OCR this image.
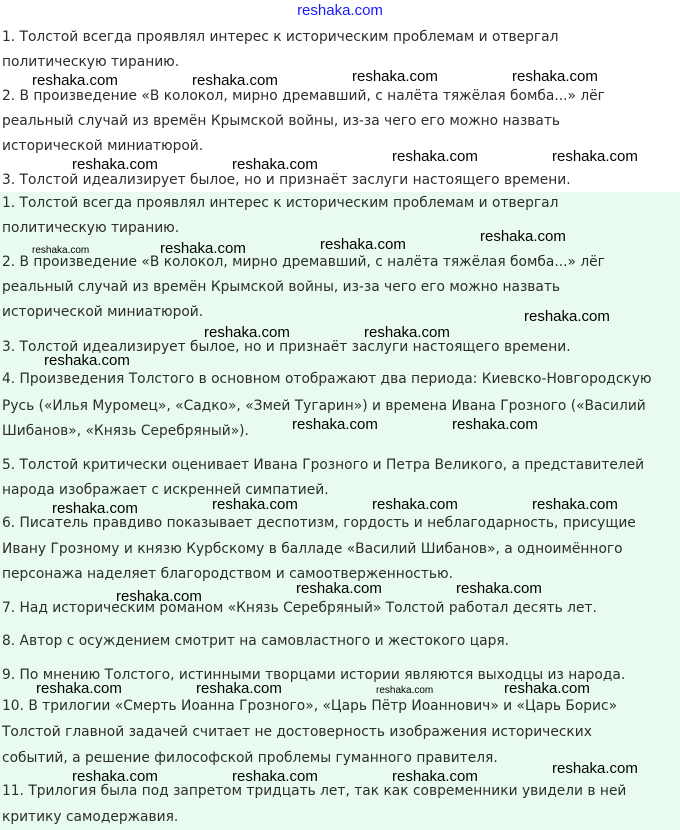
reshaka.com
1. Толстой всегда проявлял интерес к историческим проблемам и отвергал
политическую тиранию.
2. В произведение «В колокол, мирно дремавший, с налёта тяжёлая бомба...» лёг
реальный случай из времён Крымской войны, из-за чего его можно назвать
исторической миниатюрой.
3. Толстой идеализирует былое, но и признаёт заслуги настоящего времени.
1. Толстой всегда проявлял интерес к историческим проблемам и отвергал
политическую тиранию.
2. В произведение «В колокол, мирно дремавший, с налёта тяжёлая бомба...» лёг
реальный случай из времён Крымской войны, из-за чего его можно назвать
исторической миниатюрой.
3. Толстой идеализирует былое, но и признаёт заслуги настоящего времени.
4. Произведения Толстого в основном отображают два периода: Киевско-Новгородскую
Русь («Илья Муромец», «Садко», «Змей Тугарин») и времена Ивана Грозного («Василий
Шибанов», «Князь Серебряный»).
5. Толстой критически оценивает Ивана Грозного и Петра Великого, а представителей
народа изображает с искренней симпатией.
6. Писатель правдиво показывает деспотизм, гордость и неблагодарность, присущие
Ивану Грозному и князю Курбскому в балладе «Василий Шибанов», а одноимённого
персонажа наделяет благородством и самоотверженностью.
7. Над историческим романом «Князь Серебряный» Толстой работал десять лет.
8. Автор с осуждением смотрит на самовластного и жестокого царя.
9. По мнению Толстого, истинными творцами истории являются выходцы из народа.
10. В трилогии «Смерть Иоанна Грозного», «Царь Пётр Иоаннович» и «Царь Борис»
Толстой главной задачей считает не достоверность изображения исторических
событий, а решение философской проблемы гуманного правителя.
11. Трилогия была под запретом тридцать лет, так как современники увидели в ней
критику самодержавия.
reshaka.com	reshaka.com	reshaka.com	reshaka.com
reshaka.com	reshaka.com	reshaka.com	reshaka.com
reshaka.com	reshaka.com	reshaka.com	reshaka.com
reshaka.com
reshaka.com	reshaka.com
reshaka.com
reshaka.com	reshaka.com
reshaka.com	reshaka.com	reshaka.com
reshaka.com
reshaka.com	reshaka.com
reshaka.com
reshaka.com	reshaka.com	reshaka.com	reshaka.com
reshaka.com
reshaka.com	reshaka.com	reshaka.com
